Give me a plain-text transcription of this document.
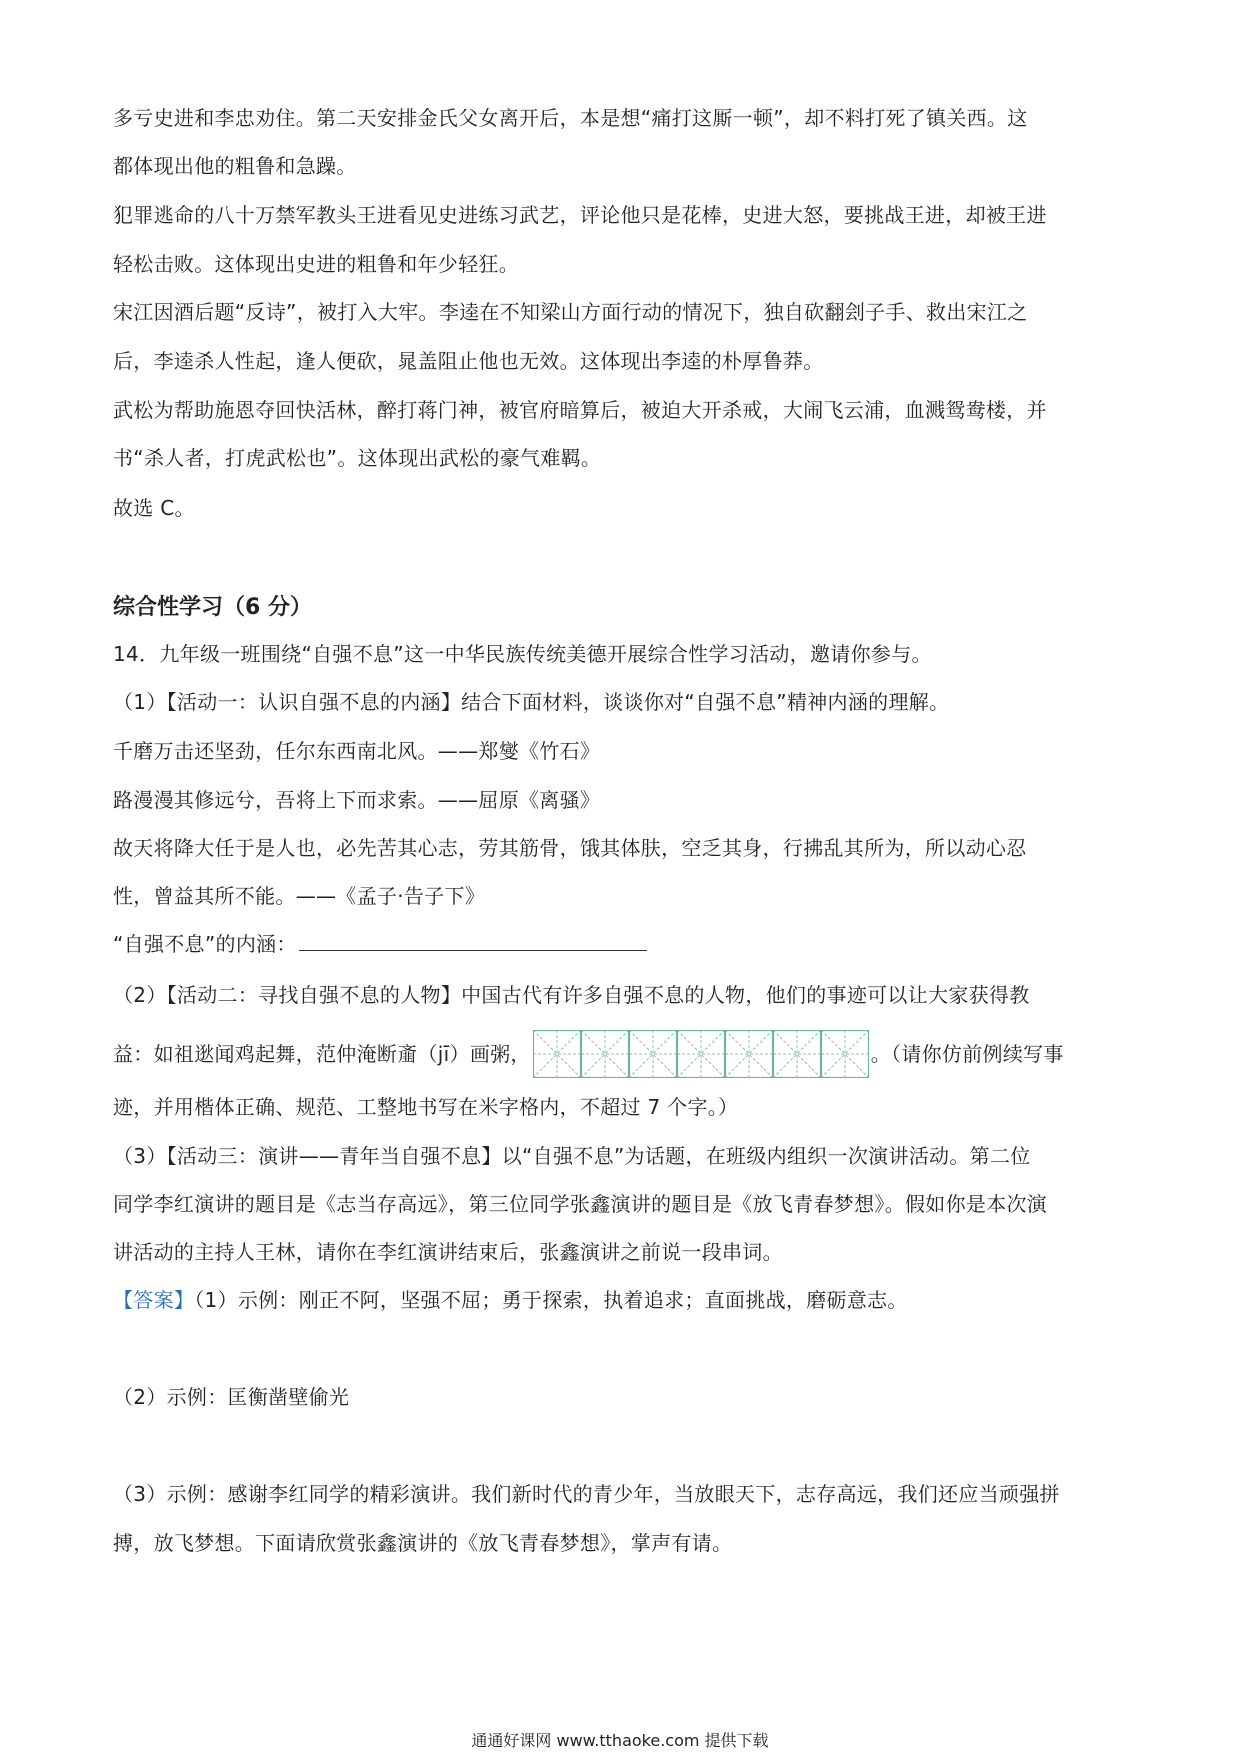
多亏史进和李忠劝住。第二天安排金氏父女离开后，本是想“痛打这厮一顿”，却不料打死了镇关西。这
都体现出他的粗鲁和急躁。
犯罪逃命的八十万禁军教头王进看见史进练习武艺，评论他只是花棒，史进大怒，要挑战王进，却被王进
轻松击败。这体现出史进的粗鲁和年少轻狂。
宋江因酒后题“反诗”，被打入大牢。李逵在不知梁山方面行动的情况下，独自砍翻刽子手、救出宋江之
后，李逵杀人性起，逢人便砍，晁盖阻止他也无效。这体现出李逵的朴厚鲁莽。
武松为帮助施恩夺回快活林，醉打蒋门神，被官府暗算后，被迫大开杀戒，大闹飞云浦，血溅鸳鸯楼，并
书“杀人者，打虎武松也”。这体现出武松的豪气难羁。
故选 C。
综合性学习（6 分）
14．九年级一班围绕“自强不息”这一中华民族传统美德开展综合性学习活动，邀请你参与。
（1）【活动一：认识自强不息的内涵】结合下面材料，谈谈你对“自强不息”精神内涵的理解。
千磨万击还坚劲，任尔东西南北风。——郑燮《竹石》
路漫漫其修远兮，吾将上下而求索。——屈原《离骚》
故天将降大任于是人也，必先苦其心志，劳其筋骨，饿其体肤，空乏其身，行拂乱其所为，所以动心忍
性，曾益其所不能。——《孟子·告子下》
“自强不息”的内涵：
（2）【活动二：寻找自强不息的人物】中国古代有许多自强不息的人物，他们的事迹可以让大家获得教
益：如祖逖闻鸡起舞，范仲淹断齑（jī）画粥，	。（请你仿前例续写事
迹，并用楷体正确、规范、工整地书写在米字格内，不超过 7 个字。）
（3）【活动三：演讲——青年当自强不息】以“自强不息”为话题，在班级内组织一次演讲活动。第二位
同学李红演讲的题目是《志当存高远》，第三位同学张鑫演讲的题目是《放飞青春梦想》。假如你是本次演
讲活动的主持人王林，请你在李红演讲结束后，张鑫演讲之前说一段串词。
【答案】（1）示例：刚正不阿，坚强不屈；勇于探索，执着追求；直面挑战，磨砺意志。
（2）示例：匡衡凿壁偷光
（3）示例：感谢李红同学的精彩演讲。我们新时代的青少年，当放眼天下，志存高远，我们还应当顽强拼
搏，放飞梦想。下面请欣赏张鑫演讲的《放飞青春梦想》，掌声有请。
通通好课网 www.tthaoke.com 提供下载
